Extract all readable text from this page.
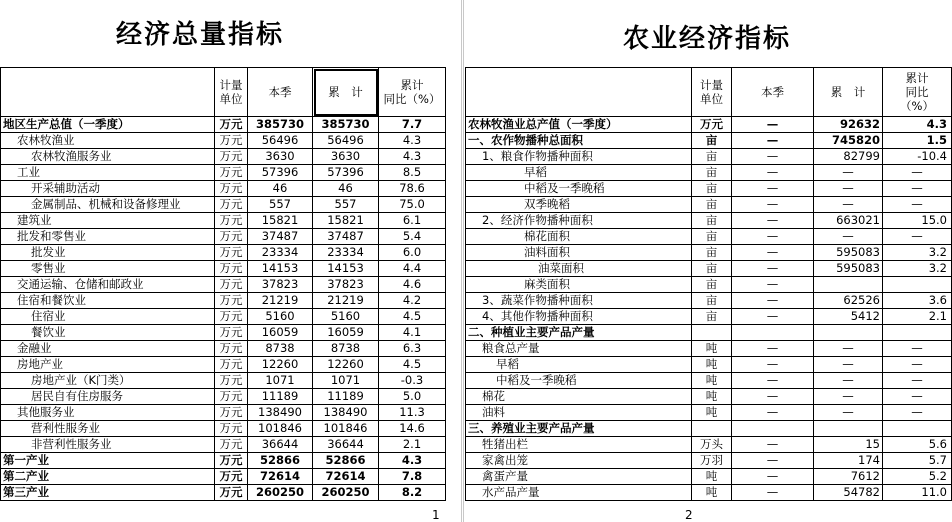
经济总量指标
	计量
单位	本季	累　计	累计
同比（%）
地区生产总值（一季度）	万元	385730	385730	7.7
农林牧渔业	万元	56496	56496	4.3
农林牧渔服务业	万元	3630	3630	4.3
工业	万元	57396	57396	8.5
开采辅助活动	万元	46	46	78.6
金属制品、机械和设备修理业	万元	557	557	75.0
建筑业	万元	15821	15821	6.1
批发和零售业	万元	37487	37487	5.4
批发业	万元	23334	23334	6.0
零售业	万元	14153	14153	4.4
交通运输、仓储和邮政业	万元	37823	37823	4.6
住宿和餐饮业	万元	21219	21219	4.2
住宿业	万元	5160	5160	4.5
餐饮业	万元	16059	16059	4.1
金融业	万元	8738	8738	6.3
房地产业	万元	12260	12260	4.5
房地产业（K门类）	万元	1071	1071	-0.3
居民自有住房服务	万元	11189	11189	5.0
其他服务业	万元	138490	138490	11.3
营利性服务业	万元	101846	101846	14.6
非营利性服务业	万元	36644	36644	2.1
第一产业	万元	52866	52866	4.3
第二产业	万元	72614	72614	7.8
第三产业	万元	260250	260250	8.2
1
农业经济指标
	计量
单位	本季	累　计	累计
同比
（%）
农林牧渔业总产值（一季度）	万元	—	92632	4.3
一、农作物播种总面积	亩	—	745820	1.5
1、粮食作物播种面积	亩	—	82799	-10.4
早稻	亩	—	—	—
中稻及一季晚稻	亩	—	—	—
双季晚稻	亩	—	—	—
2、经济作物播种面积	亩	—	663021	15.0
棉花面积	亩	—	—	—
油料面积	亩	—	595083	3.2
油菜面积	亩	—	595083	3.2
麻类面积	亩	—		
3、蔬菜作物播种面积	亩	—	62526	3.6
4、其他作物播种面积	亩	—	5412	2.1
二、种植业主要产品产量				
粮食总产量	吨	—	—	—
早稻	吨	—	—	—
中稻及一季晚稻	吨	—	—	—
棉花	吨	—	—	—
油料	吨	—	—	—
三、养殖业主要产品产量				
牲猪出栏	万头	—	15	5.6
家禽出笼	万羽	—	174	5.7
禽蛋产量	吨	—	7612	5.2
水产品产量	吨	—	54782	11.0
2
